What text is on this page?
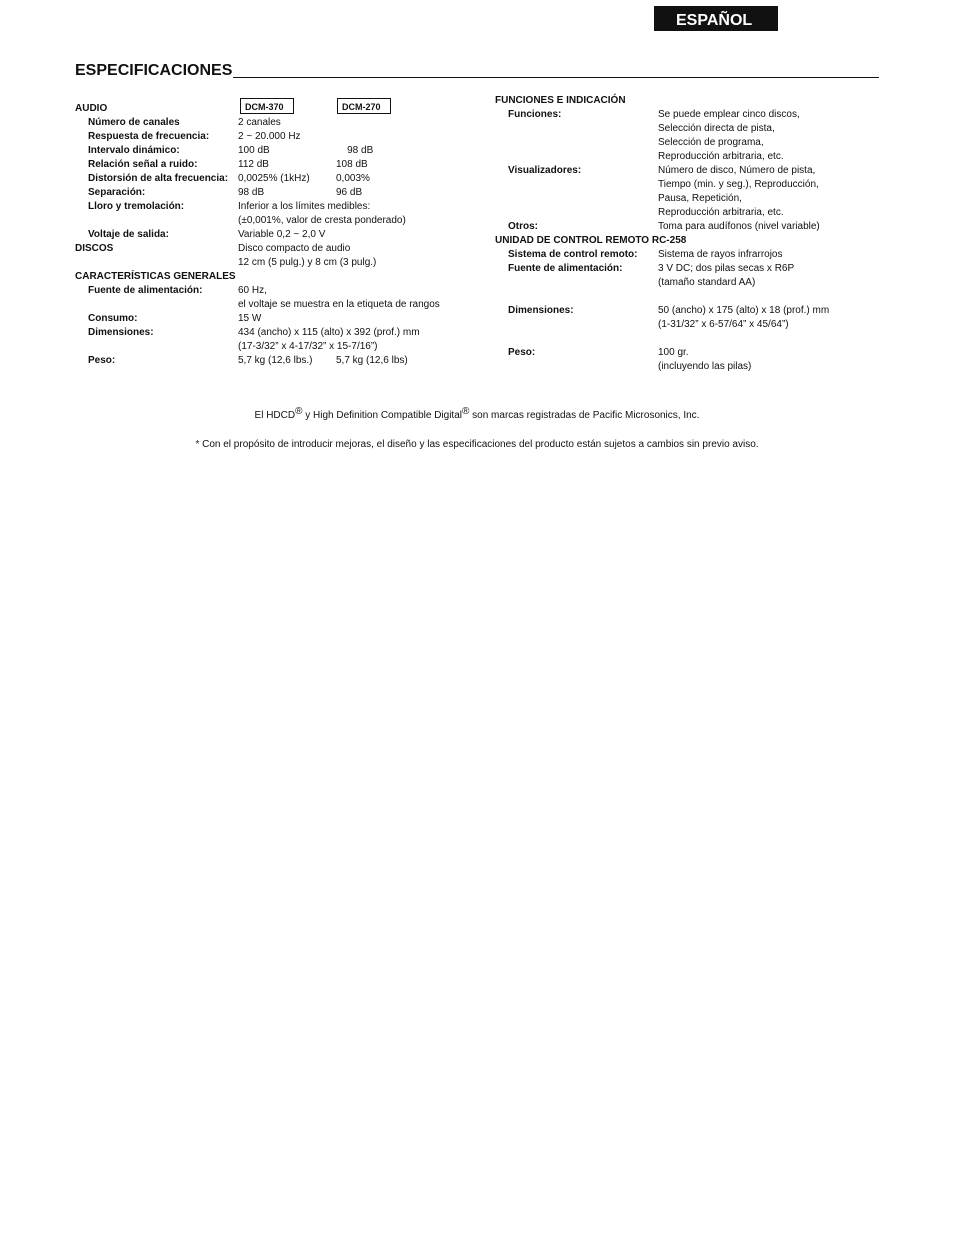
ESPAÑOL
ESPECIFICACIONES
DCM-370	DCM-270
AUDIO
Número de canales	2 canales
Respuesta de frecuencia:	2 ~ 20.000 Hz
Intervalo dinámico:	100 dB	98 dB
Relación señal a ruido:	112 dB	108 dB
Distorsión de alta frecuencia: 0,0025% (1kHz)	0,003%
Separación:	98 dB	96 dB
Lloro y tremolación:	Inferior a los límites medibles:
(±0,001%, valor de cresta ponderado)
Voltaje de salida:	Variable 0,2 ~ 2,0 V
DISCOS	Disco compacto de audio
12 cm (5 pulg.) y 8 cm (3 pulg.)
CARACTERÍSTICAS GENERALES
Fuente de alimentación:	60 Hz,
el voltaje se muestra en la etiqueta de rangos
Consumo:	15 W
Dimensiones:	434 (ancho) x 115 (alto) x 392 (prof.) mm
(17-3/32” x 4-17/32” x 15-7/16”)
Peso:	5,7 kg (12,6 lbs.)	5,7 kg (12,6 lbs)
FUNCIONES E INDICACIÓN
Funciones:	Se puede emplear cinco discos,
Selección directa de pista,
Selección de programa,
Reproducción arbitraria, etc.
Visualizadores:	Número de disco, Número de pista,
Tiempo (min. y seg.), Reproducción,
Pausa, Repetición,
Reproducción arbitraria, etc.
Otros:	Toma para audífonos (nivel variable)
UNIDAD DE CONTROL REMOTO RC-258
Sistema de control remoto:	Sistema de rayos infrarrojos
Fuente de alimentación:	3 V DC; dos pilas secas x R6P
(tamaño standard AA)
Dimensiones:	50 (ancho) x 175 (alto) x 18 (prof.) mm
(1-31/32” x 6-57/64” x 45/64”)
Peso:	100 gr.
(incluyendo las pilas)
El HDCD® y High Definition Compatible Digital® son marcas registradas de Pacific Microsonics, Inc.
* Con el propósito de introducir mejoras, el diseño y las especificaciones del producto están sujetos a cambios sin previo aviso.
